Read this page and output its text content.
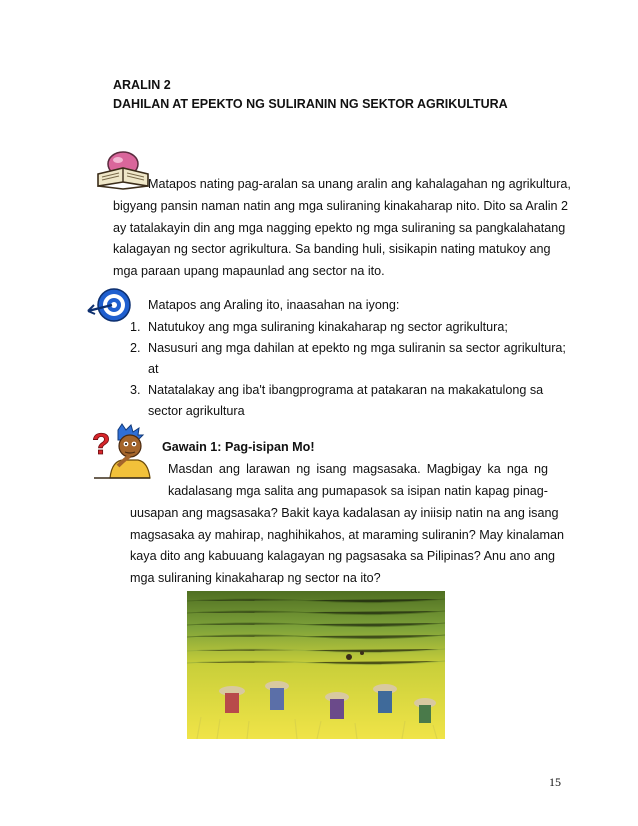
ARALIN 2
DAHILAN AT EPEKTO NG SULIRANIN NG SEKTOR AGRIKULTURA
Matapos nating pag-aralan sa unang aralin ang kahalagahan ng agrikultura,
bigyang pansin naman natin ang mga suliraning kinakaharap nito. Dito sa Aralin 2
ay tatalakayin din ang mga nagging epekto ng mga suliraning sa pangkalahatang
kalagayan ng sector agrikultura. Sa banding huli, sisikapin nating matukoy ang
mga paraan upang mapaunlad ang sector na ito.
Matapos ang Araling ito, inaasahan na iyong:
1. Natutukoy ang mga suliraning kinakaharap ng sector agrikultura;
2. Nasusuri ang mga dahilan at epekto ng mga suliranin sa sector agrikultura;
at
3. Natatalakay ang iba't ibangprograma at patakaran na makakatulong sa
sector agrikultura
?	Gawain 1: Pag-isipan Mo!
Masdan ang larawan ng isang magsasaka. Magbigay ka nga ng
kadalasang mga salita ang pumapasok sa isipan natin kapag pinag-
uusapan ang magsasaka? Bakit kaya kadalasan ay iniisip natin na ang isang
magsasaka ay mahirap, naghihikahos, at maraming suliranin? May kinalaman
kaya dito ang kabuuang kalagayan ng pagsasaka sa Pilipinas? Anu ano ang
mga suliraning kinakaharap ng sector na ito?
15
